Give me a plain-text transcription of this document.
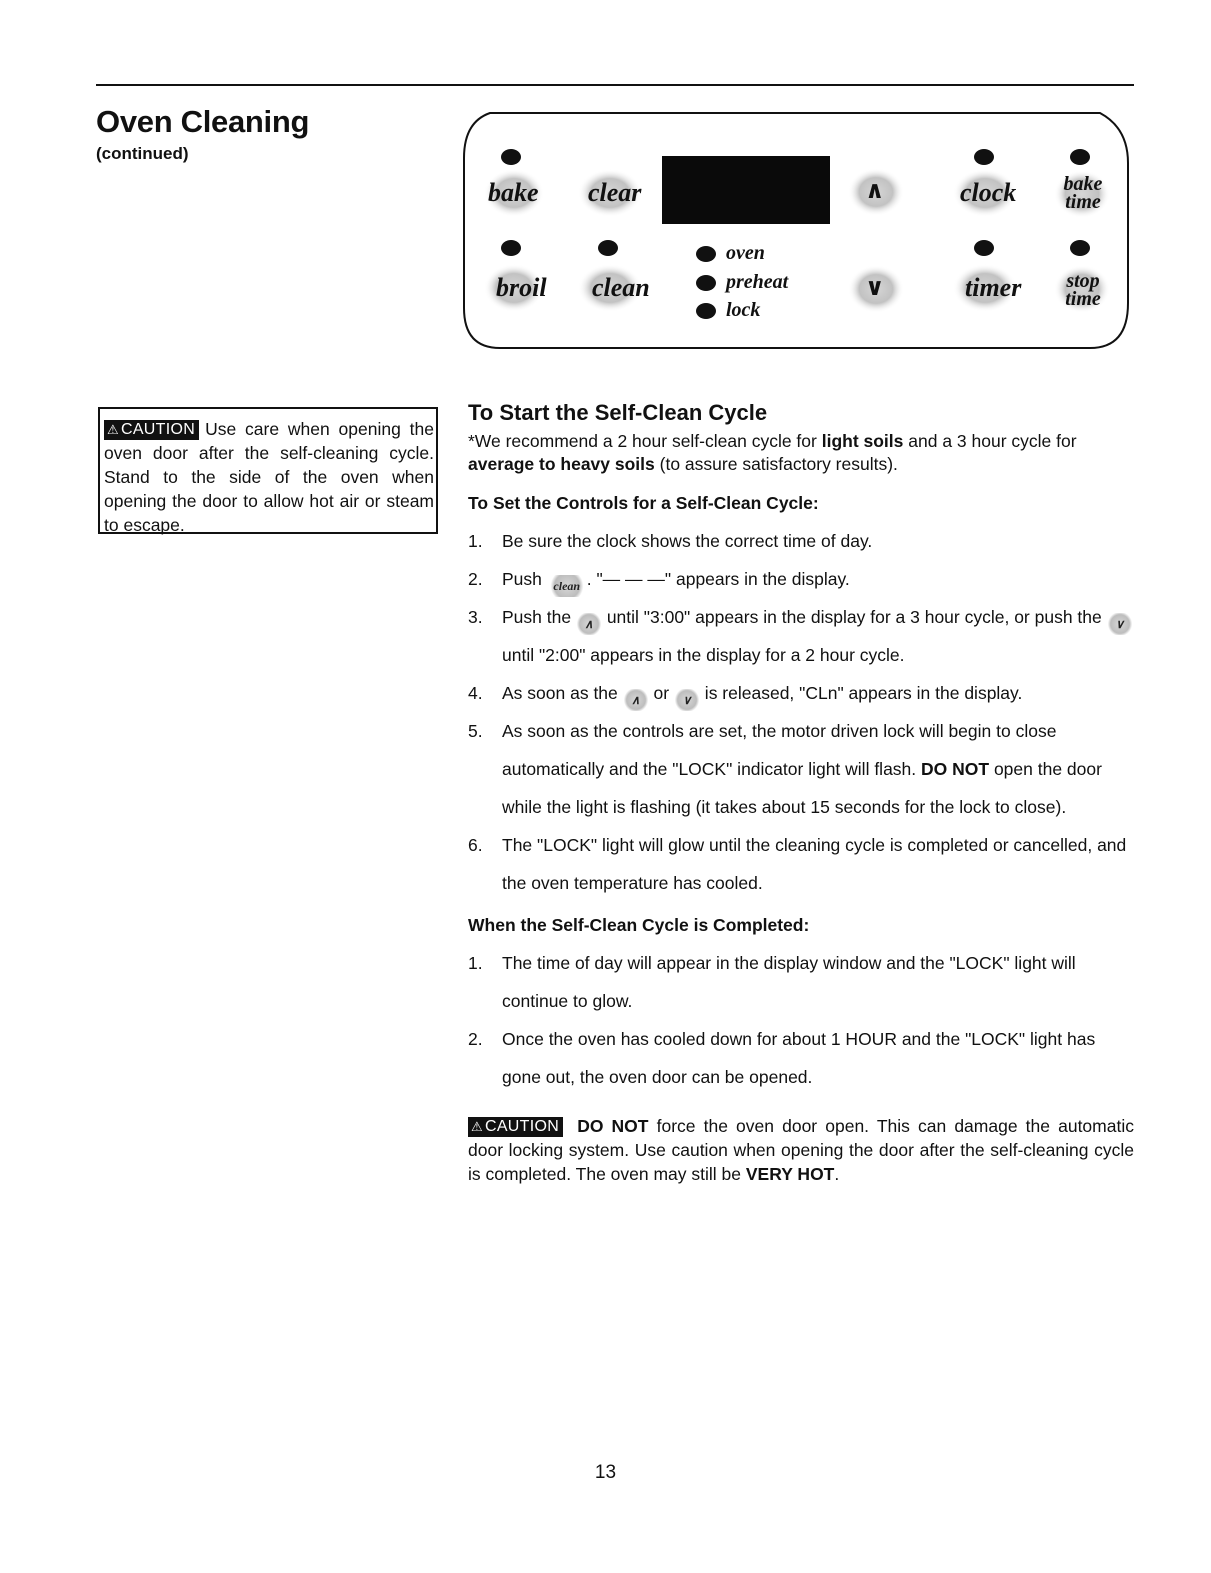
Oven Cleaning
(continued)
bake clear	∧	clock bake time
broil clean	∨	timer	stop time
oven
preheat
lock
⚠ CAUTION Use care when opening the oven door after the self-cleaning cycle. Stand to the side of the oven when opening the door to allow hot air or steam to escape.
To Start the Self-Clean Cycle
*We recommend a 2 hour self-clean cycle for light soils and a 3 hour cycle for average to heavy soils (to assure satisfactory results).
To Set the Controls for a Self-Clean Cycle:
1. Be sure the clock shows the correct time of day.
2. Push clean . "— — —" appears in the display.
3. Push the ∧ until "3:00" appears in the display for a 3 hour cycle, or push the ∨ until "2:00" appears in the display for a 2 hour cycle.
4. As soon as the ∧ or ∨ is released, "CLn" appears in the display.
5. As soon as the controls are set, the motor driven lock will begin to close automatically and the "LOCK" indicator light will flash. DO NOT open the door while the light is flashing (it takes about 15 seconds for the lock to close).
6. The "LOCK" light will glow until the cleaning cycle is completed or cancelled, and the oven temperature has cooled.
When the Self-Clean Cycle is Completed:
1. The time of day will appear in the display window and the "LOCK" light will continue to glow.
2. Once the oven has cooled down for about 1 HOUR and the "LOCK" light has gone out, the oven door can be opened.
⚠ CAUTION DO NOT force the oven door open. This can damage the automatic door locking system. Use caution when opening the door after the self-cleaning cycle is completed. The oven may still be VERY HOT.
13
